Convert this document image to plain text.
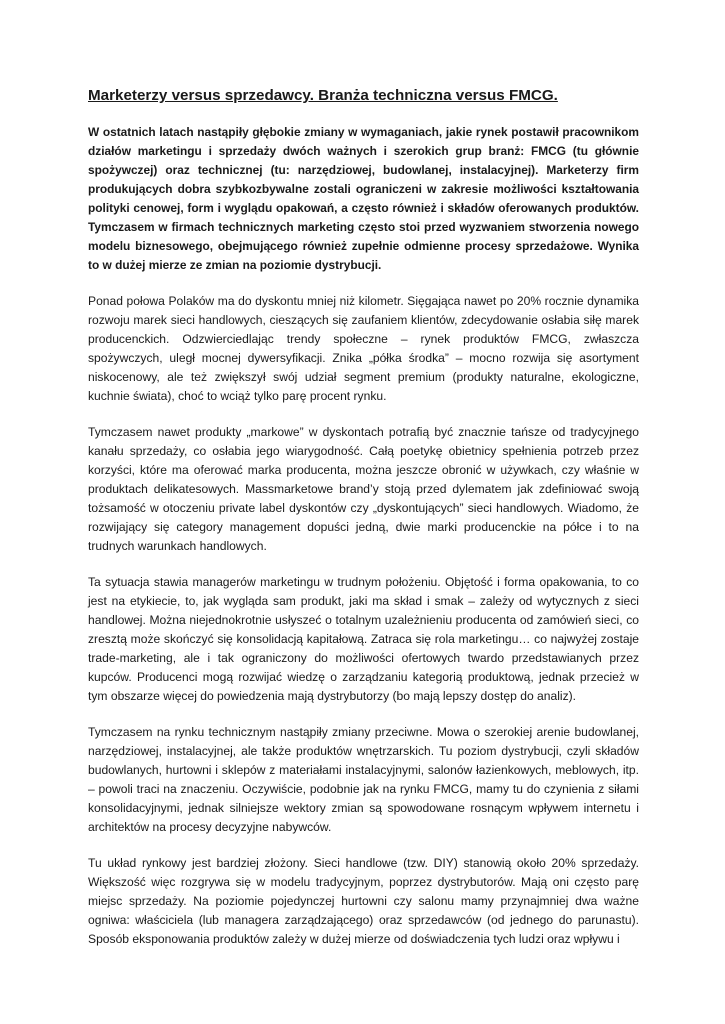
Marketerzy versus sprzedawcy. Branża techniczna versus FMCG.

W ostatnich latach nastąpiły głębokie zmiany w wymaganiach, jakie rynek postawił pracownikom działów marketingu i sprzedaży dwóch ważnych i szerokich grup branż: FMCG (tu głównie spożywczej) oraz technicznej (tu: narzędziowej, budowlanej, instalacyjnej). Marketerzy firm produkujących dobra szybkozbywalne zostali ograniczeni w zakresie możliwości kształtowania polityki cenowej, form i wyglądu opakowań, a często również i składów oferowanych produktów. Tymczasem w firmach technicznych marketing często stoi przed wyzwaniem stworzenia nowego modelu biznesowego, obejmującego również zupełnie odmienne procesy sprzedażowe. Wynika to w dużej mierze ze zmian na poziomie dystrybucji.

Ponad połowa Polaków ma do dyskontu mniej niż kilometr. Sięgająca nawet po 20% rocznie dynamika rozwoju marek sieci handlowych, cieszących się zaufaniem klientów, zdecydowanie osłabia siłę marek producenckich. Odzwierciedlając trendy społeczne – rynek produktów FMCG, zwłaszcza spożywczych, uległ mocnej dywersyfikacji. Znika „półka środka” – mocno rozwija się asortyment niskocenowy, ale też zwiększył swój udział segment premium (produkty naturalne, ekologiczne, kuchnie świata), choć to wciąż tylko parę procent rynku.

Tymczasem nawet produkty „markowe” w dyskontach potrafią być znacznie tańsze od tradycyjnego kanału sprzedaży, co osłabia jego wiarygodność. Całą poetykę obietnicy spełnienia potrzeb przez korzyści, które ma oferować marka producenta, można jeszcze obronić w używkach, czy właśnie w produktach delikatesowych. Massmarketowe brand’y stoją przed dylematem jak zdefiniować swoją tożsamość w otoczeniu private label dyskontów czy „dyskontujących” sieci handlowych. Wiadomo, że rozwijający się category management dopuści jedną, dwie marki producenckie na półce i to na trudnych warunkach handlowych.

Ta sytuacja stawia managerów marketingu w trudnym położeniu. Objętość i forma opakowania, to co jest na etykiecie, to, jak wygląda sam produkt, jaki ma skład i smak – zależy od wytycznych z sieci handlowej. Można niejednokrotnie usłyszeć o totalnym uzależnieniu producenta od zamówień sieci, co zresztą może skończyć się konsolidacją kapitałową. Zatraca się rola marketingu… co najwyżej zostaje trade-marketing, ale i tak ograniczony do możliwości ofertowych twardo przedstawianych przez kupców. Producenci mogą rozwijać wiedzę o zarządzaniu kategorią produktową, jednak przecież w tym obszarze więcej do powiedzenia mają dystrybutorzy (bo mają lepszy dostęp do analiz).

Tymczasem na rynku technicznym nastąpiły zmiany przeciwne. Mowa o szerokiej arenie budowlanej, narzędziowej, instalacyjnej, ale także produktów wnętrzarskich. Tu poziom dystrybucji, czyli składów budowlanych, hurtowni i sklepów z materiałami instalacyjnymi, salonów łazienkowych, meblowych, itp. – powoli traci na znaczeniu. Oczywiście, podobnie jak na rynku FMCG, mamy tu do czynienia z siłami konsolidacyjnymi, jednak silniejsze wektory zmian są spowodowane rosnącym wpływem internetu i architektów na procesy decyzyjne nabywców.

Tu układ rynkowy jest bardziej złożony. Sieci handlowe (tzw. DIY) stanowią około 20% sprzedaży. Większość więc rozgrywa się w modelu tradycyjnym, poprzez dystrybutorów. Mają oni często parę miejsc sprzedaży. Na poziomie pojedynczej hurtowni czy salonu mamy przynajmniej dwa ważne ogniwa: właściciela (lub managera zarządzającego) oraz sprzedawców (od jednego do parunastu). Sposób eksponowania produktów zależy w dużej mierze od doświadczenia tych ludzi oraz wpływu i
